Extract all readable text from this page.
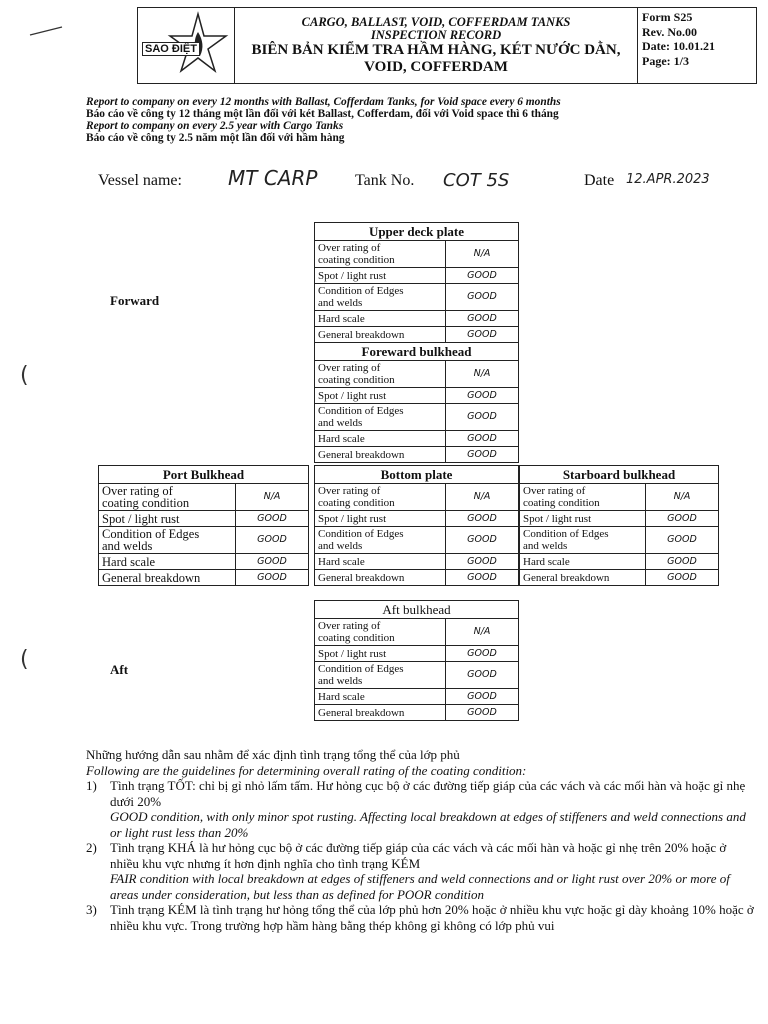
SAO ĐIỆT
CARGO, BALLAST, VOID, COFFERDAM TANKS
INSPECTION RECORD
BIÊN BẢN KIỂM TRA HẦM HÀNG, KÉT NƯỚC DẰN,
VOID, COFFERDAM
Form S25
Rev. No.00
Date: 10.01.21
Page: 1/3
Report to company on every 12 months with Ballast, Cofferdam Tanks, for Void space every 6 months
Báo cáo về công ty 12 tháng một lần đối với két Ballast, Cofferdam, đối với Void space thì 6 tháng
Report to company on every 2.5 year with Cargo Tanks
Báo cáo về công ty 2.5 năm một lần đối với hầm hàng
Vessel name: MT CARP Tank No. COT 5S	Date 12.APR.2023
Forward
Aft
(
(
Upper deck plate	
Over rating of
coating condition	N/A
Spot / light rust	GOOD
Condition of Edges
and welds	GOOD
Hard scale	GOOD
General breakdown	GOOD
Foreward bulkhead	
Over rating of
coating condition	N/A
Spot / light rust	GOOD
Condition of Edges
and welds	GOOD
Hard scale	GOOD
General breakdown	GOOD
Port Bulkhead	
Over rating of
coating condition	N/A
Spot / light rust	GOOD
Condition of Edges
and welds	GOOD
Hard scale	GOOD
General breakdown	GOOD
Bottom plate	
Over rating of
coating condition	N/A
Spot / light rust	GOOD
Condition of Edges
and welds	GOOD
Hard scale	GOOD
General breakdown	GOOD
Starboard bulkhead	
Over rating of
coating condition	N/A
Spot / light rust	GOOD
Condition of Edges
and welds	GOOD
Hard scale	GOOD
General breakdown	GOOD
Aft bulkhead	
Over rating of
coating condition	N/A
Spot / light rust	GOOD
Condition of Edges
and welds	GOOD
Hard scale	GOOD
General breakdown	GOOD

Những hướng dẫn sau nhằm để xác định tình trạng tổng thể của lớp phủ

Following are the guidelines for determining overall rating of the coating condition:

1)	Tình trạng TỐT: chỉ bị gỉ nhỏ lấm tấm. Hư hỏng cục bộ ở các đường tiếp giáp của các vách và các mối hàn và hoặc gỉ nhẹ dưới 20%
GOOD condition, with only minor spot rusting. Affecting local breakdown at edges of stiffeners and weld connections and or light rust less than 20%
2)	Tình trạng KHÁ là hư hỏng cục bộ ở các đường tiếp giáp của các vách và các mối hàn và hoặc gỉ nhẹ trên 20% hoặc ở nhiều khu vực nhưng ít hơn định nghĩa cho tình trạng KÉM
FAIR condition with local breakdown at edges of stiffeners and weld connections and or light rust over 20% or more of areas under consideration, but less than as defined for POOR condition
3)	Tình trạng KÉM là tình trạng hư hỏng tổng thể của lớp phủ hơn 20% hoặc ở nhiều khu vực hoặc gỉ dày khoảng 10% hoặc ở nhiều khu vực. Trong trường hợp hầm hàng bằng thép không gỉ không có lớp phủ vui
